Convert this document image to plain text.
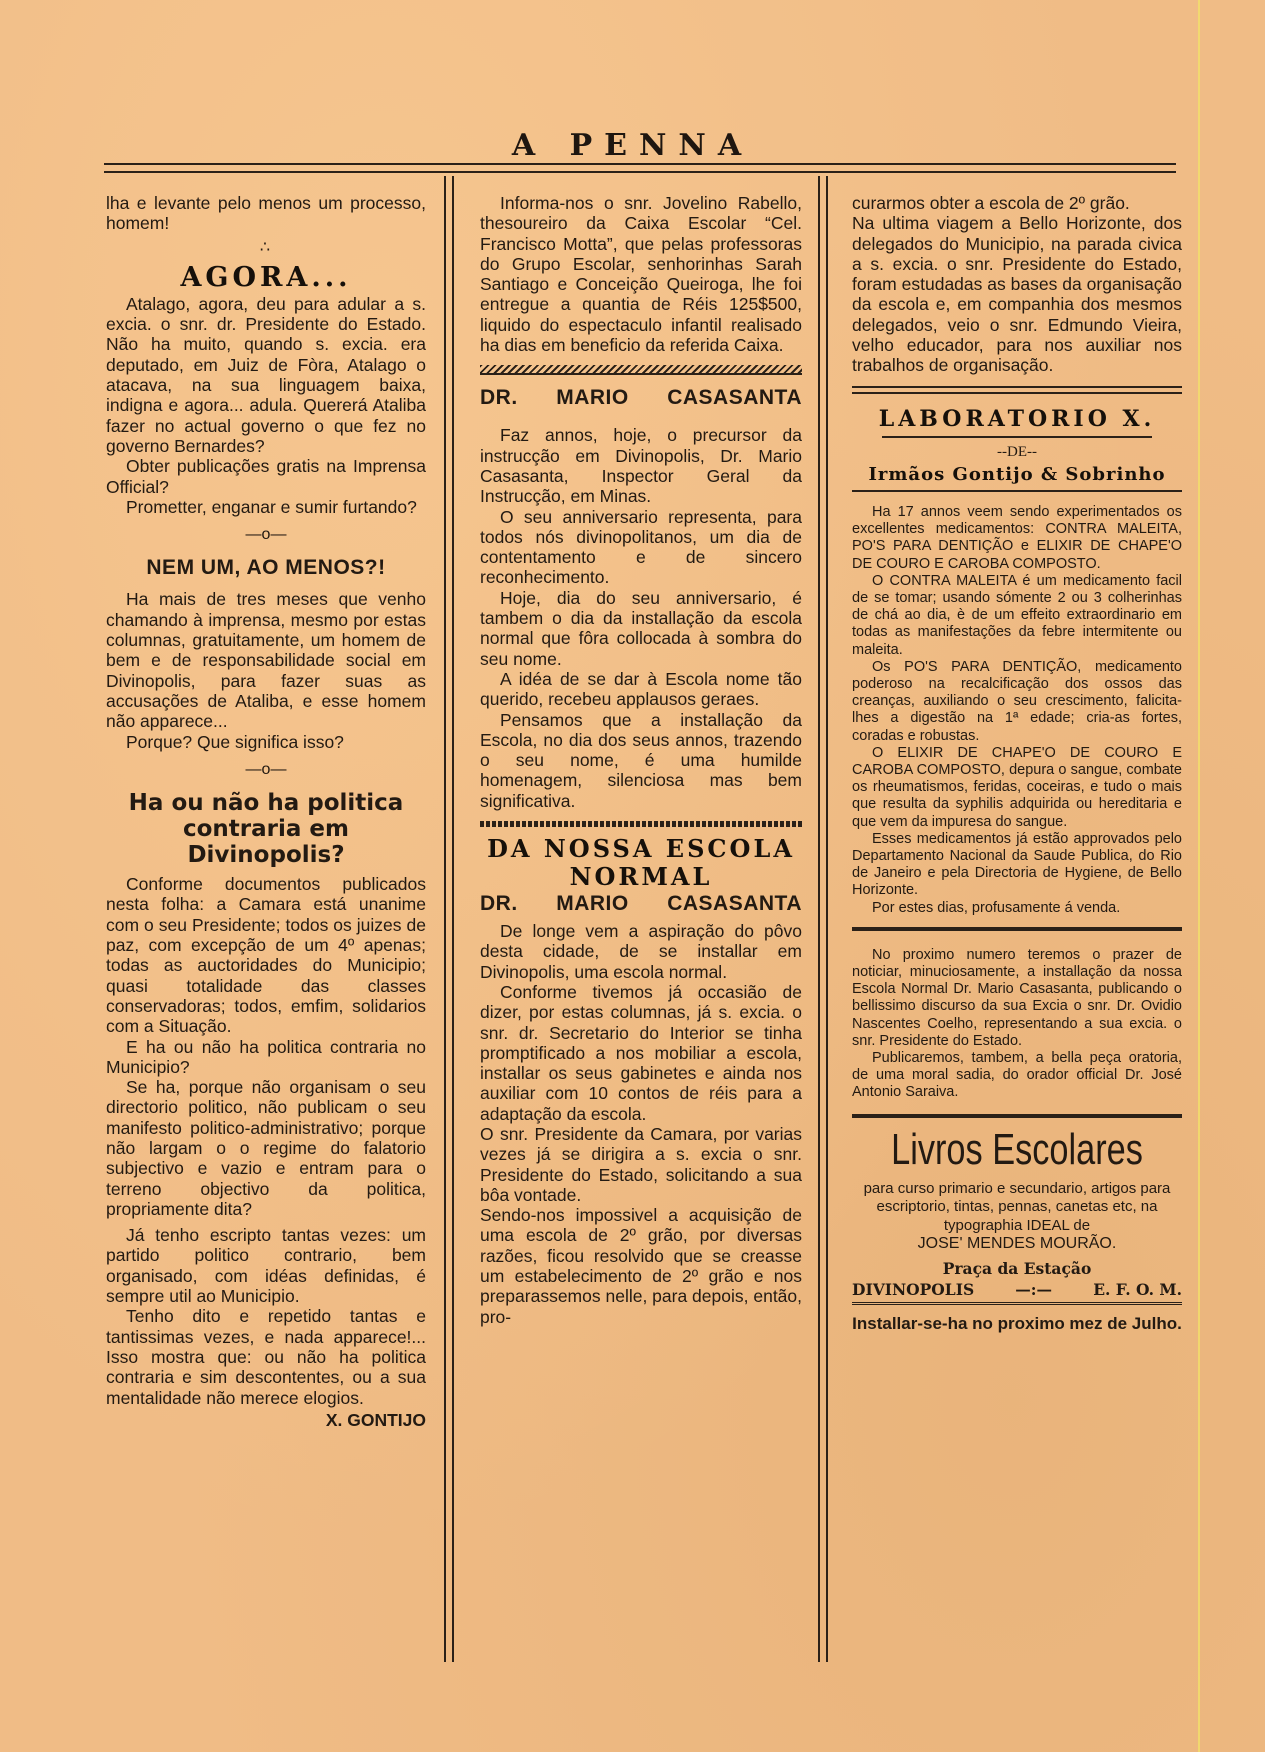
A PENNA

lha e levante pelo menos um processo, homem!

∴
AGORA...

Atalago, agora, deu para adular a s. excia. o snr. dr. Presidente do Estado. Não ha muito, quando s. excia. era deputado, em Juiz de Fòra, Atalago o atacava, na sua linguagem baixa, indigna e agora... adula. Quererá Ataliba fazer no actual governo o que fez no governo Bernardes?

Obter publicações gratis na Imprensa Official?

Prometter, enganar e sumir furtando?

—o—
NEM UM, AO MENOS?!

Ha mais de tres meses que venho chamando à imprensa, mesmo por estas columnas, gratuitamente, um homem de bem e de responsabilidade social em Divinopolis, para fazer suas as accusações de Ataliba, e esse homem não apparece...

Porque? Que significa isso?

—o—
Ha ou não ha politica contraria em Divinopolis?

Conforme documentos publicados nesta folha: a Camara está unanime com o seu Presidente; todos os juizes de paz, com excepção de um 4º apenas; todas as auctoridades do Municipio; quasi totalidade das classes conservadoras; todos, emfim, solidarios com a Situação.

E ha ou não ha politica contraria no Municipio?

Se ha, porque não organisam o seu directorio politico, não publicam o seu manifesto politico-administrativo; porque não largam o o regime do falatorio subjectivo e vazio e entram para o terreno objectivo da politica, propriamente dita?

Já tenho escripto tantas vezes: um partido politico contrario, bem organisado, com idéas definidas, é sempre util ao Municipio.

Tenho dito e repetido tantas e tantissimas vezes, e nada apparece!... Isso mostra que: ou não ha politica contraria e sim descontentes, ou a sua mentalidade não merece elogios.

X. GONTIJO

Informa-nos o snr. Jovelino Rabello, thesoureiro da Caixa Escolar “Cel. Francisco Motta”, que pelas professoras do Grupo Escolar, senhorinhas Sarah Santiago e Conceição Queiroga, lhe foi entregue a quantia de Réis 125$500, liquido do espectaculo infantil realisado ha dias em beneficio da referida Caixa.

DR. MARIO CASASANTA

Faz annos, hoje, o precursor da instrucção em Divinopolis, Dr. Mario Casasanta, Inspector Geral da Instrucção, em Minas.

O seu anniversario representa, para todos nós divinopolitanos, um dia de contentamento e de sincero reconhecimento.

Hoje, dia do seu anniversario, é tambem o dia da installação da escola normal que fôra collocada à sombra do seu nome.

A idéa de se dar à Escola nome tão querido, recebeu applausos geraes.

Pensamos que a installação da Escola, no dia dos seus annos, trazendo o seu nome, é uma humilde homenagem, silenciosa mas bem significativa.

DA NOSSA ESCOLA NORMAL
DR. MARIO CASASANTA

De longe vem a aspiração do pôvo desta cidade, de se installar em Divinopolis, uma escola normal.

Conforme tivemos já occasião de dizer, por estas columnas, já s. excia. o snr. dr. Secretario do Interior se tinha promptificado a nos mobiliar a escola, installar os seus gabinetes e ainda nos auxiliar com 10 contos de réis para a adaptação da escola.

O snr. Presidente da Camara, por varias vezes já se dirigira a s. excia o snr. Presidente do Estado, solicitando a sua bôa vontade.

Sendo-nos impossivel a acquisição de uma escola de 2º grão, por diversas razões, ficou resolvido que se creasse um estabelecimento de 2º grão e nos preparassemos nelle, para depois, então, pro-

curarmos obter a escola de 2º grão.

Na ultima viagem a Bello Horizonte, dos delegados do Municipio, na parada civica a s. excia. o snr. Presidente do Estado, foram estudadas as bases da organisação da escola e, em companhia dos mesmos delegados, veio o snr. Edmundo Vieira, velho educador, para nos auxiliar nos trabalhos de organisação.

LABORATORIO X.
--DE--
Irmãos Gontijo & Sobrinho

Ha 17 annos veem sendo experimentados os excellentes medicamentos: CONTRA MALEITA, PO'S PARA DENTIÇÃO e ELIXIR DE CHAPE'O DE COURO E CAROBA COMPOSTO.

O CONTRA MALEITA é um medicamento facil de se tomar; usando sómente 2 ou 3 colherinhas de chá ao dia, è de um effeito extraordinario em todas as manifestações da febre intermitente ou maleita.

Os PO'S PARA DENTIÇÃO, medicamento poderoso na recalcificação dos ossos das creanças, auxiliando o seu crescimento, falicita-lhes a digestão na 1ª edade; cria-as fortes, coradas e robustas.

O ELIXIR DE CHAPE'O DE COURO E CAROBA COMPOSTO, depura o sangue, combate os rheumatismos, feridas, coceiras, e tudo o mais que resulta da syphilis adquirida ou hereditaria e que vem da impuresa do sangue.

Esses medicamentos já estão approvados pelo Departamento Nacional da Saude Publica, do Rio de Janeiro e pela Directoria de Hygiene, de Bello Horizonte.

Por estes dias, profusamente á venda.

No proximo numero teremos o prazer de noticiar, minuciosamente, a installação da nossa Escola Normal Dr. Mario Casasanta, publicando o bellissimo discurso da sua Excia o snr. Dr. Ovidio Nascentes Coelho, representando a sua excia. o snr. Presidente do Estado.

Publicaremos, tambem, a bella peça oratoria, de uma moral sadia, do orador official Dr. José Antonio Saraiva.

Livros Escolares
para curso primario e secundario, artigos para escriptorio, tintas, pennas, canetas etc, na typographia IDEAL de
JOSE' MENDES MOURÃO.
Praça da Estação
DIVINOPOLIS	—:—	E. F. O. M.
Installar-se-ha no proximo mez de Julho.
